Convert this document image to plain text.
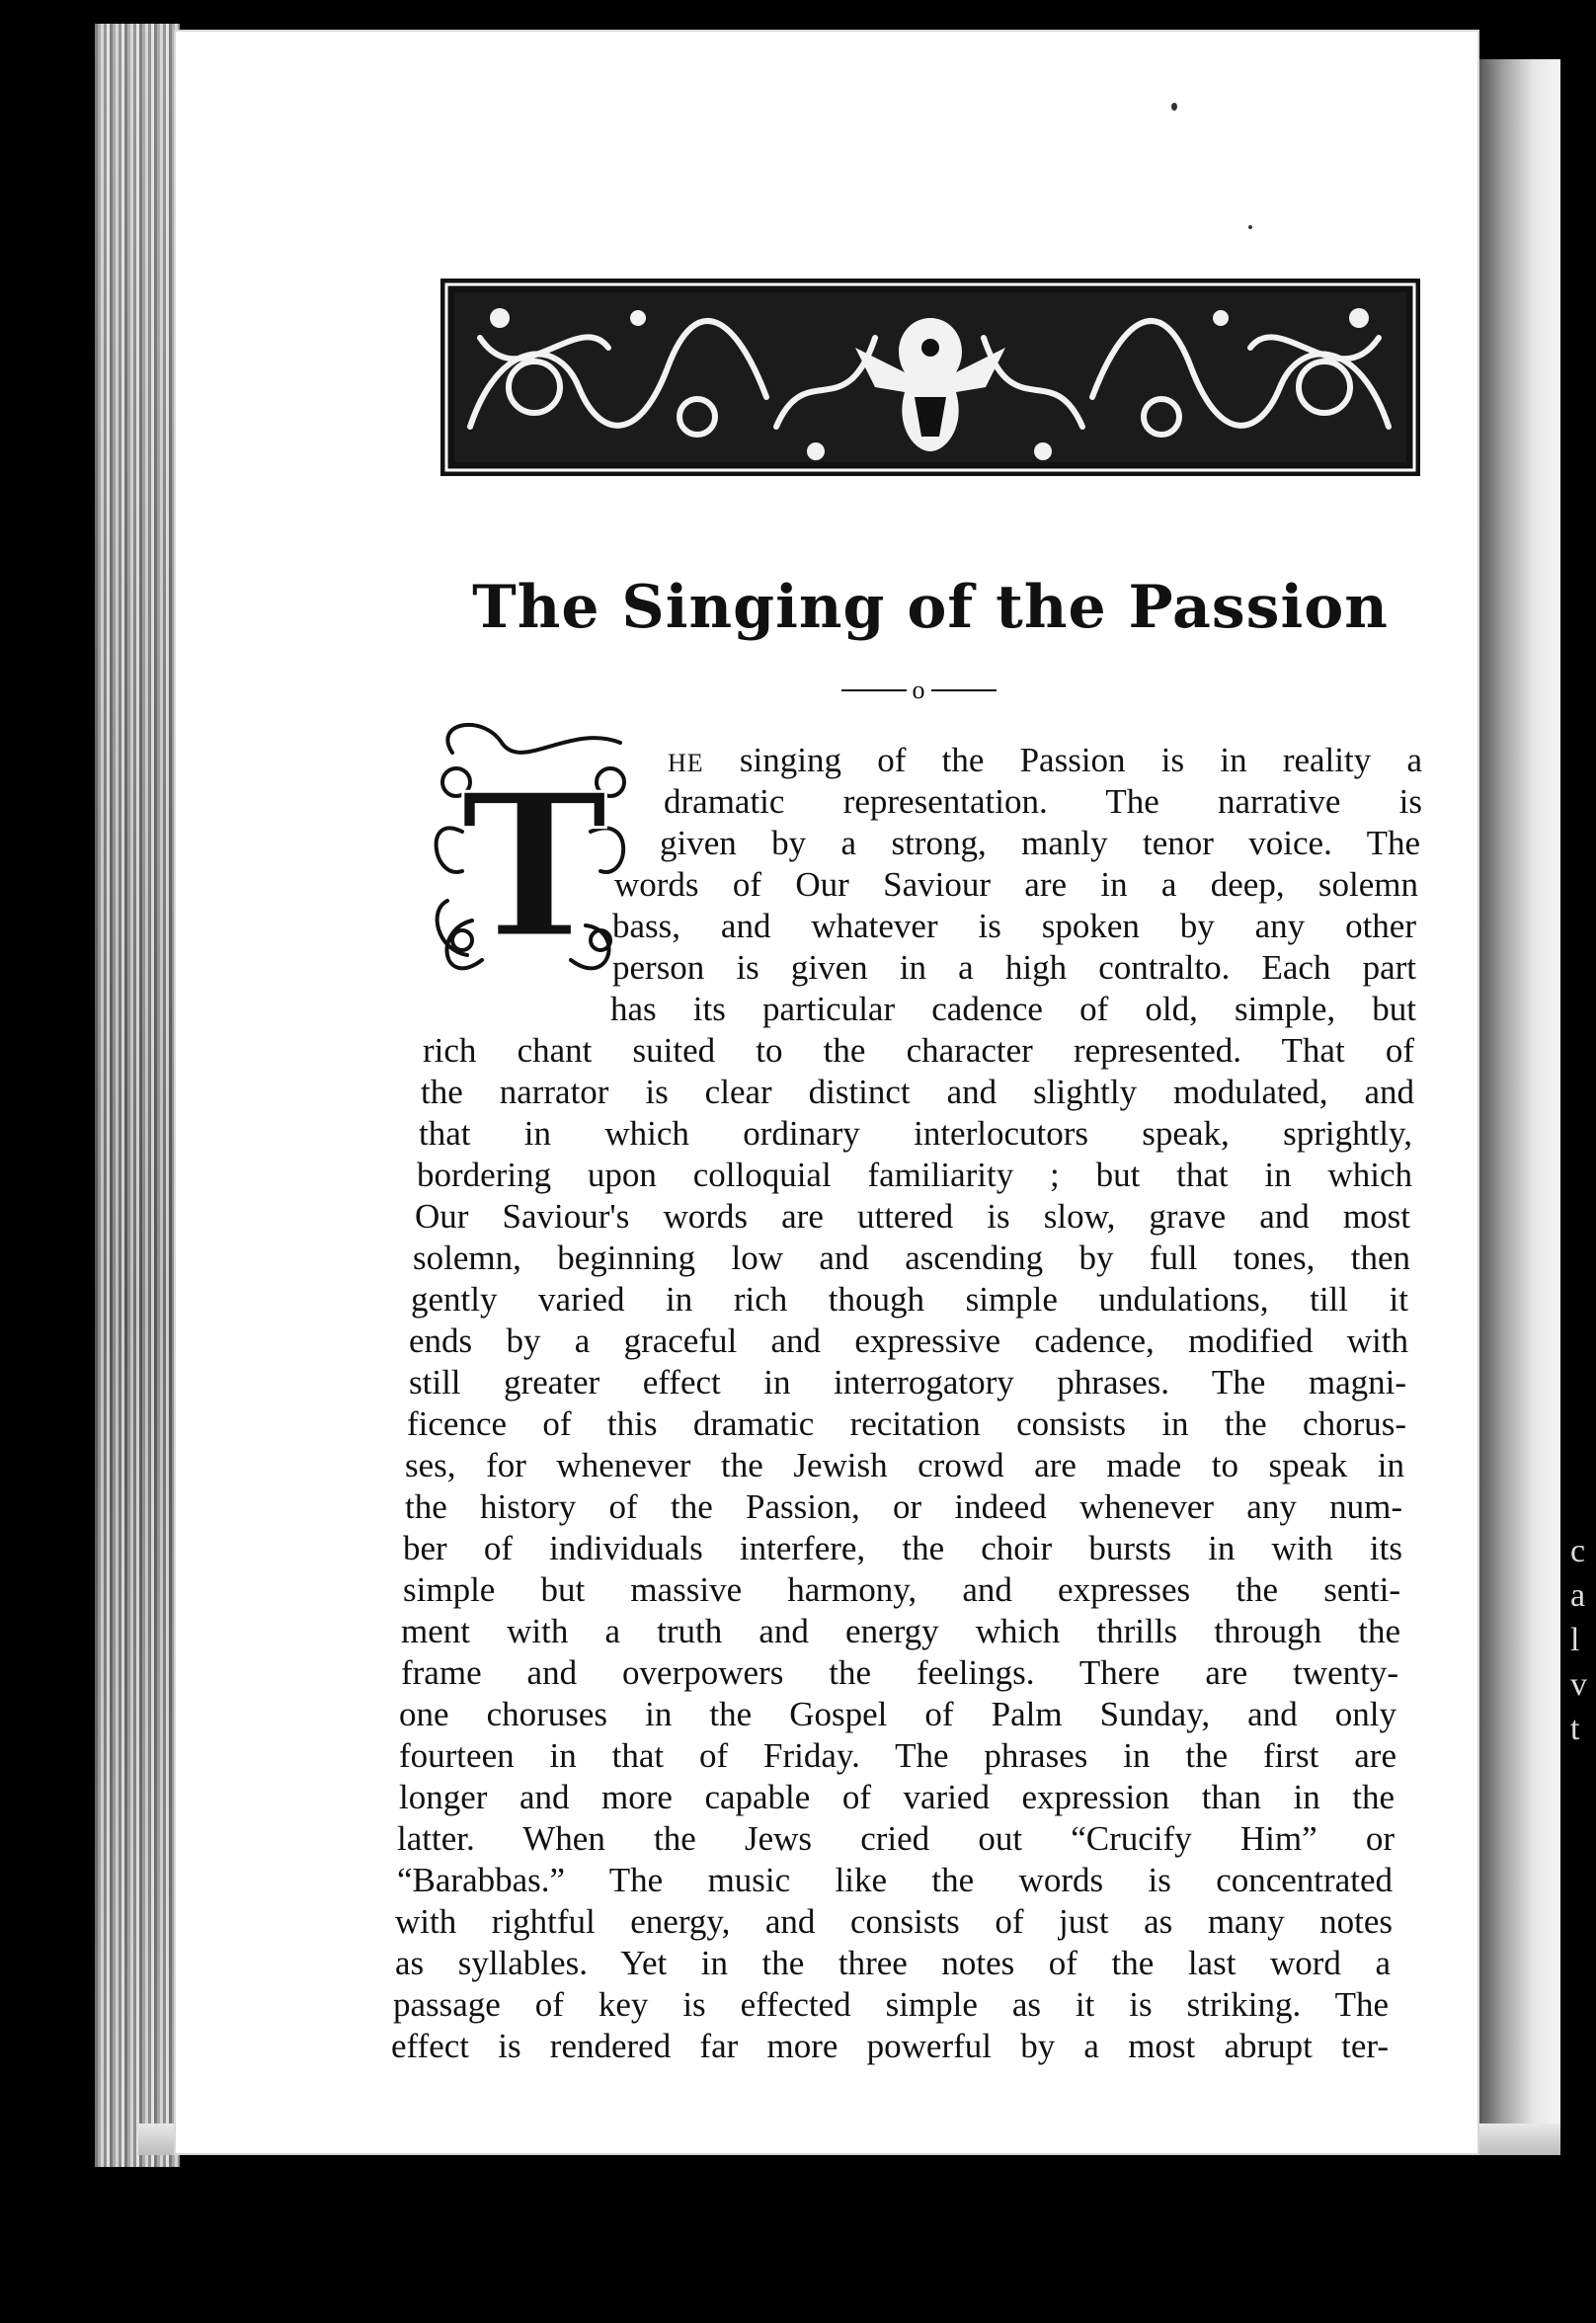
The Singing of the Passion
o
T HE singing of the Passion is in reality a
dramatic representation. The narrative is
given by a strong, manly tenor voice. The
words of Our Saviour are in a deep, solemn
bass, and whatever is spoken by any other
person is given in a high contralto. Each part
has its particular cadence of old, simple, but
rich chant suited to the character represented. That of
the narrator is clear distinct and slightly modulated, and
that in which ordinary interlocutors speak, sprightly,
bordering upon colloquial familiarity ; but that in which
Our Saviour's words are uttered is slow, grave and most
solemn, beginning low and ascending by full tones, then
gently varied in rich though simple undulations, till it
ends by a graceful and expressive cadence, modified with
still greater effect in interrogatory phrases. The magni-
ficence of this dramatic recitation consists in the chorus-
ses, for whenever the Jewish crowd are made to speak in
the history of the Passion, or indeed whenever any num-
ber of individuals interfere, the choir bursts in with its
simple but massive harmony, and expresses the senti-
ment with a truth and energy which thrills through the
frame and overpowers the feelings. There are twenty-
one choruses in the Gospel of Palm Sunday, and only
fourteen in that of Friday. The phrases in the first are
longer and more capable of varied expression than in the
latter. When the Jews cried out “Crucify Him” or
“Barabbas.” The music like the words is concentrated
with rightful energy, and consists of just as many notes
as syllables. Yet in the three notes of the last word a
passage of key is effected simple as it is striking. The
effect is rendered far more powerful by a most abrupt ter-
c
a
l
v
t
